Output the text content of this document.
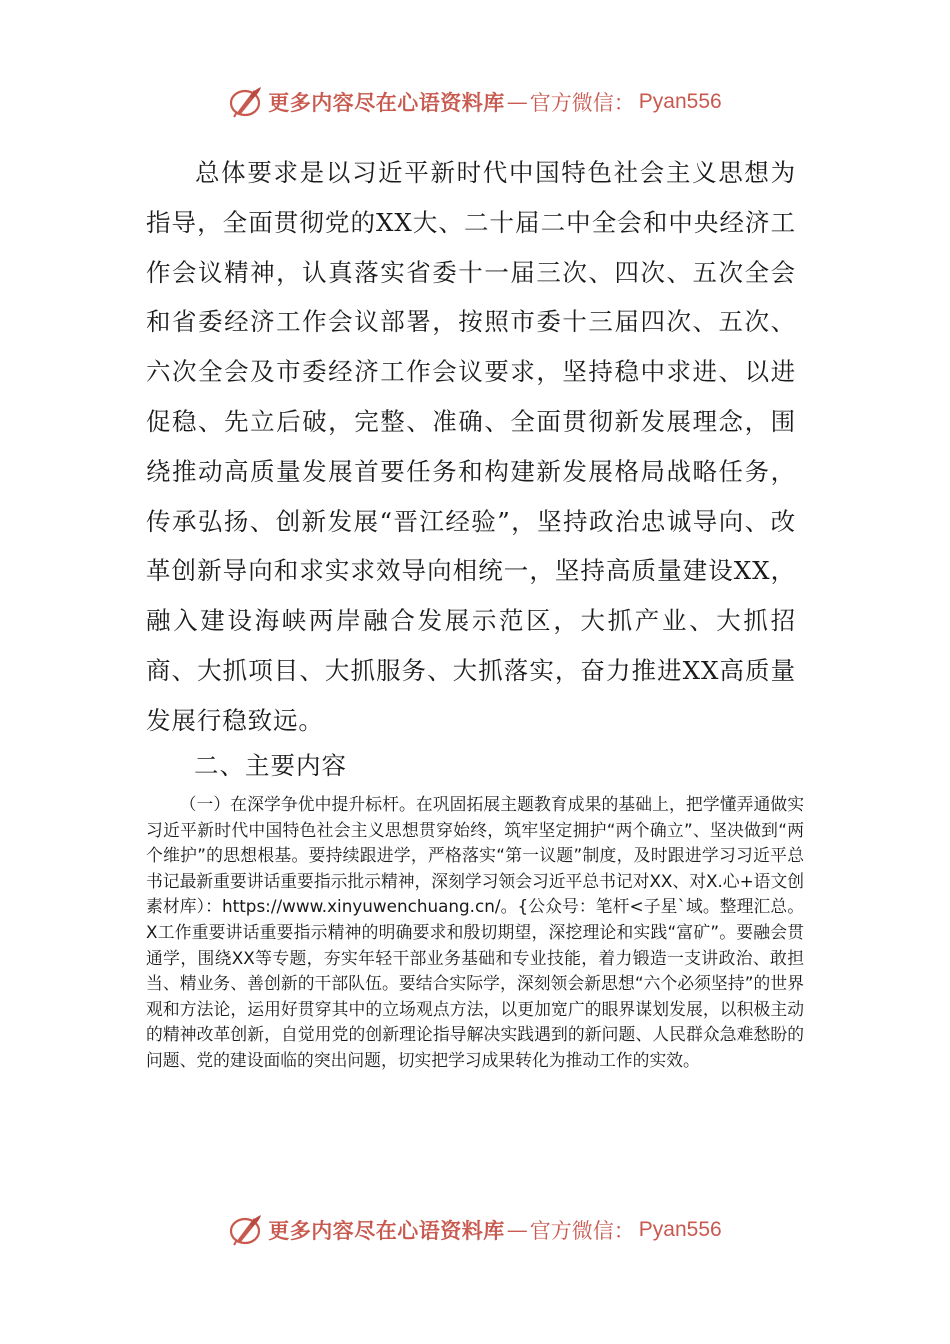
更多内容尽在心语资料库 — 官方微信： Pyan556

总体要求是以习近平新时代中国特色社会主义思想为指导，全面贯彻党的XX大、二十届二中全会和中央经济工作会议精神，认真落实省委十一届三次、四次、五次全会和省委经济工作会议部署，按照市委十三届四次、五次、六次全会及市委经济工作会议要求，坚持稳中求进、以进促稳、先立后破，完整、准确、全面贯彻新发展理念，围绕推动高质量发展首要任务和构建新发展格局战略任务，传承弘扬、创新发展“晋江经验”，坚持政治忠诚导向、改革创新导向和求实求效导向相统一，坚持高质量建设XX，融入建设海峡两岸融合发展示范区，大抓产业、大抓招商、大抓项目、大抓服务、大抓落实，奋力推进XX高质量发展行稳致远。

二、主要内容

（一）在深学争优中提升标杆。在巩固拓展主题教育成果的基础上，把学懂弄通做实习近平新时代中国特色社会主义思想贯穿始终，筑牢坚定拥护“两个确立”、坚决做到“两个维护”的思想根基。要持续跟进学，严格落实“第一议题”制度，及时跟进学习习近平总书记最新重要讲话重要指示批示精神，深刻学习领会习近平总书记对XX、对X.心+语文创素材库）：https://www.xinyuwenchuang.cn/。{公众号：笔杆<子星`域。整理汇总。X工作重要讲话重要指示精神的明确要求和殷切期望，深挖理论和实践“富矿”。要融会贯通学，围绕XX等专题，夯实年轻干部业务基础和专业技能，着力锻造一支讲政治、敢担当、精业务、善创新的干部队伍。要结合实际学，深刻领会新思想“六个必须坚持”的世界观和方法论，运用好贯穿其中的立场观点方法，以更加宽广的眼界谋划发展，以积极主动的精神改革创新，自觉用党的创新理论指导解决实践遇到的新问题、人民群众急难愁盼的问题、党的建设面临的突出问题，切实把学习成果转化为推动工作的实效。

更多内容尽在心语资料库 — 官方微信： Pyan556
